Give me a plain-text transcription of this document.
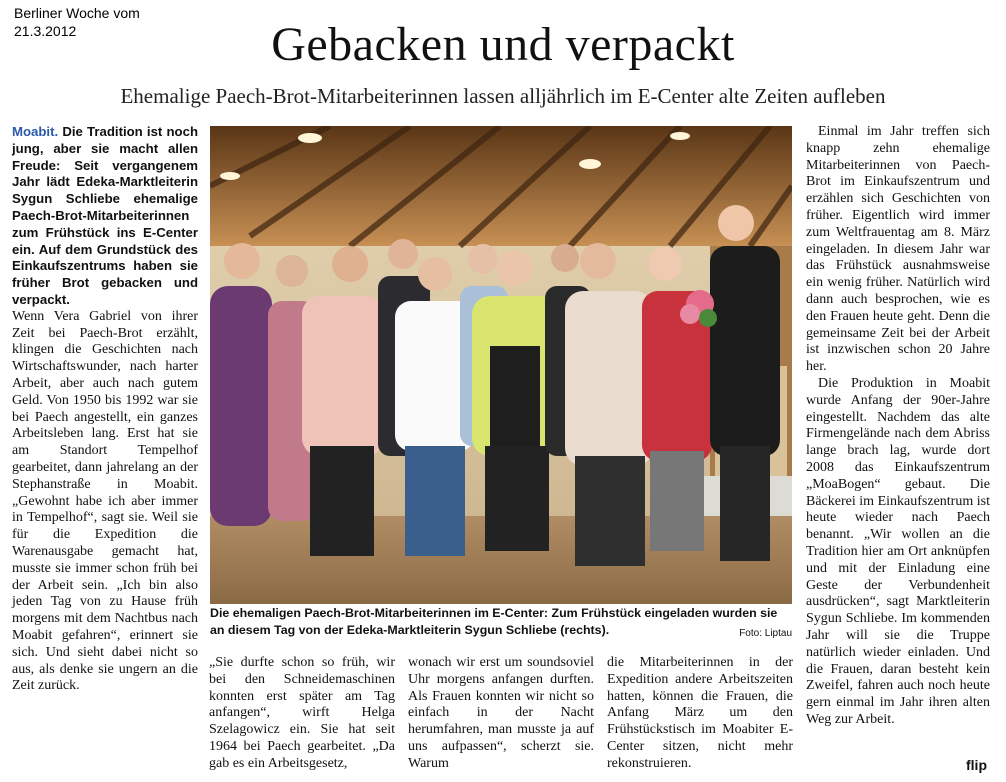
Berliner Woche vom
21.3.2012	Gebacken und verpackt
Ehemalige Paech-Brot-Mitarbeiterinnen lassen alljährlich im E-Center alte Zeiten aufleben

Moabit. Die Tradition ist noch jung, aber sie macht allen Freude: Seit vergangenem Jahr lädt Edeka-Marktleiterin Sygun Schliebe ehemalige Paech-Brot-Mitarbeiterinnen zum Frühstück ins E-Center ein. Auf dem Grundstück des Einkaufszentrums haben sie früher Brot gebacken und verpackt.

Wenn Vera Gabriel von ihrer Zeit bei Paech-Brot erzählt, klingen die Geschichten nach Wirtschaftswunder, nach harter Arbeit, aber auch nach gutem Geld. Von 1950 bis 1992 war sie bei Paech angestellt, ein ganzes Arbeitsleben lang. Erst hat sie am Standort Tempelhof gearbeitet, dann jahrelang an der Stephanstraße in Moabit. „Gewohnt habe ich aber immer in Tempelhof“, sagt sie. Weil sie für die Expedition die Warenausgabe gemacht hat, musste sie immer schon früh bei der Arbeit sein. „Ich bin also jeden Tag von zu Hause früh morgens mit dem Nachtbus nach Moabit gefahren“, erinnert sie sich. Und sieht dabei nicht so aus, als denke sie ungern an die Zeit zurück.

Die ehemaligen Paech-Brot-Mitarbeiterinnen im E-Center: Zum Frühstück eingeladen wurden sie an diesem Tag von der Edeka-Marktleiterin Sygun Schliebe (rechts).	Foto: Liptau

„Sie durfte schon so früh, wir bei den Schneidemaschinen konnten erst später am Tag anfangen“, wirft Helga Szelagowicz ein. Sie hat seit 1964 bei Paech gearbeitet. „Da gab es ein Arbeitsgesetz,

wonach wir erst um soundsoviel Uhr morgens anfangen durften. Als Frauen konnten wir nicht so einfach in der Nacht herumfahren, man musste ja auf uns aufpassen“, scherzt sie. Warum

die Mitarbeiterinnen in der Expedition andere Arbeitszeiten hatten, können die Frauen, die Anfang März um den Frühstückstisch im Moabiter E-Center sitzen, nicht mehr rekonstruieren.

Einmal im Jahr treffen sich knapp zehn ehemalige Mitarbeiterinnen von Paech-Brot im Einkaufszentrum und erzählen sich Geschichten von früher. Eigentlich wird immer zum Weltfrauentag am 8. März eingeladen. In diesem Jahr war das Frühstück ausnahmsweise ein wenig früher. Natürlich wird dann auch besprochen, wie es den Frauen heute geht. Denn die gemeinsame Zeit bei der Arbeit ist inzwischen schon 20 Jahre her.

Die Produktion in Moabit wurde Anfang der 90er-Jahre eingestellt. Nachdem das alte Firmengelände nach dem Abriss lange brach lag, wurde dort 2008 das Einkaufszentrum „MoaBogen“ gebaut. Die Bäckerei im Einkaufszentrum ist heute wieder nach Paech benannt. „Wir wollen an die Tradition hier am Ort anknüpfen und mit der Einladung eine Geste der Verbundenheit ausdrücken“, sagt Marktleiterin Sygun Schliebe. Im kommenden Jahr will sie die Truppe natürlich wieder einladen. Und die Frauen, daran besteht kein Zweifel, fahren auch noch heute gern einmal im Jahr ihren alten Weg zur Arbeit.

flip
